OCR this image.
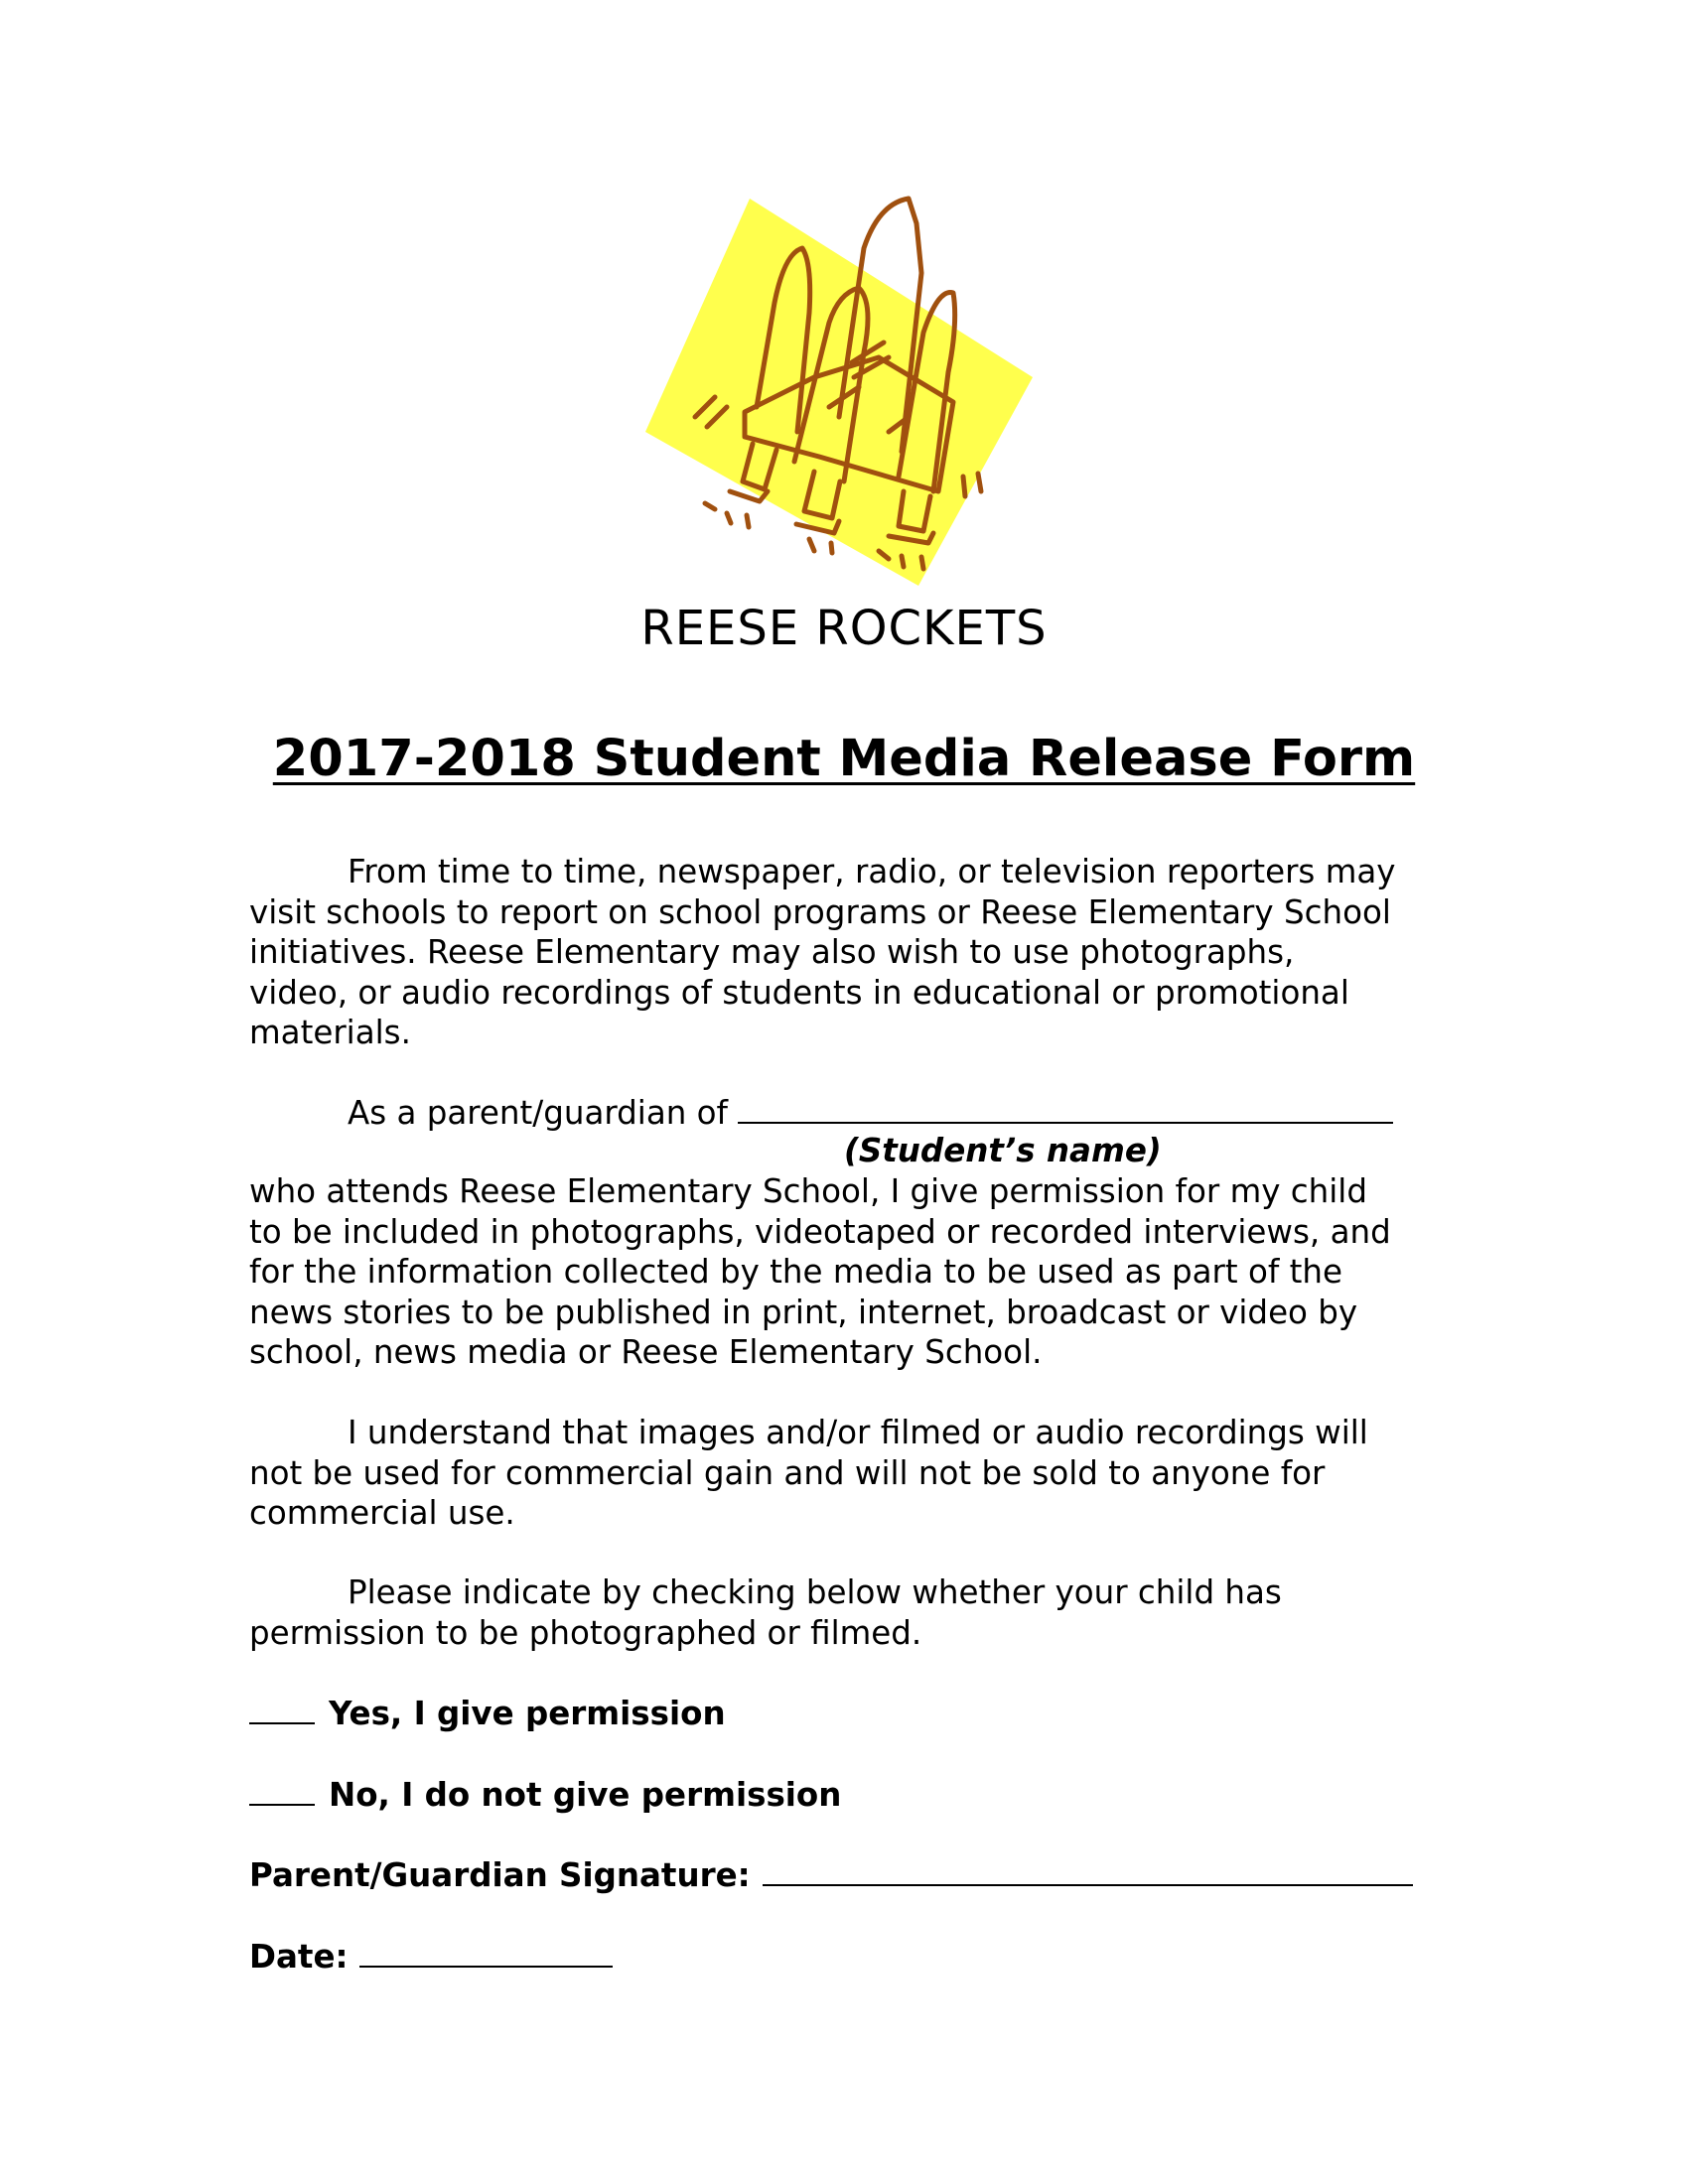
REESE ROCKETS
2017-2018 Student Media Release Form
From time to time, newspaper, radio, or television reporters may
visit schools to report on school programs or Reese Elementary School
initiatives. Reese Elementary may also wish to use photographs,
video, or audio recordings of students in educational or promotional
materials.
As a parent/guardian of
(Student’s name)
who attends Reese Elementary School, I give permission for my child
to be included in photographs, videotaped or recorded interviews, and
for the information collected by the media to be used as part of the
news stories to be published in print, internet, broadcast or video by
school, news media or Reese Elementary School.
I understand that images and/or filmed or audio recordings will
not be used for commercial gain and will not be sold to anyone for
commercial use.
Please indicate by checking below whether your child has
permission to be photographed or filmed.
Yes, I give permission
No, I do not give permission
Parent/Guardian Signature:
Date:
